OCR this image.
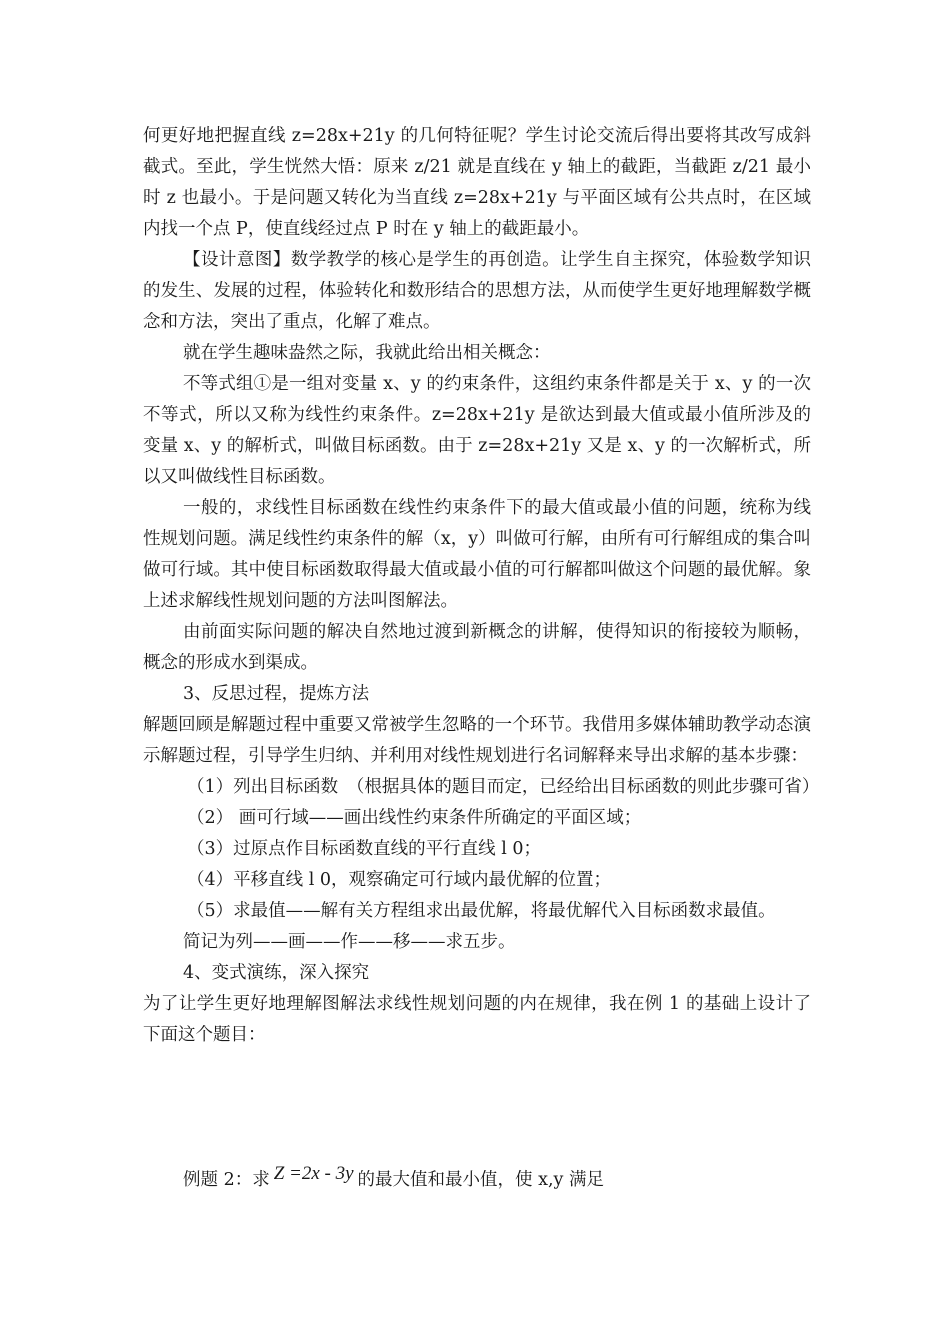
何更好地把握直线 z=28x+21y 的几何特征呢？学生讨论交流后得出要将其改写成斜截式。至此，学生恍然大悟：原来 z/21 就是直线在 y 轴上的截距，当截距 z/21 最小时 z 也最小。于是问题又转化为当直线 z=28x+21y 与平面区域有公共点时，在区域内找一个点 P，使直线经过点 P 时在 y 轴上的截距最小。

【设计意图】数学教学的核心是学生的再创造。让学生自主探究，体验数学知识的发生、发展的过程，体验转化和数形结合的思想方法，从而使学生更好地理解数学概念和方法，突出了重点，化解了难点。

就在学生趣味盎然之际，我就此给出相关概念：

不等式组①是一组对变量 x、y 的约束条件，这组约束条件都是关于 x、y 的一次不等式，所以又称为线性约束条件。z=28x+21y 是欲达到最大值或最小值所涉及的变量 x、y 的解析式，叫做目标函数。由于 z=28x+21y 又是 x、y 的一次解析式，所以又叫做线性目标函数。

一般的，求线性目标函数在线性约束条件下的最大值或最小值的问题，统称为线性规划问题。满足线性约束条件的解（x，y）叫做可行解，由所有可行解组成的集合叫做可行域。其中使目标函数取得最大值或最小值的可行解都叫做这个问题的最优解。象上述求解线性规划问题的方法叫图解法。

由前面实际问题的解决自然地过渡到新概念的讲解，使得知识的衔接较为顺畅，概念的形成水到渠成。

3、反思过程，提炼方法

解题回顾是解题过程中重要又常被学生忽略的一个环节。我借用多媒体辅助教学动态演示解题过程，引导学生归纳、并利用对线性规划进行名词解释来导出求解的基本步骤：

（1）列出目标函数　（根据具体的题目而定，已经给出目标函数的则此步骤可省）

（2） 画可行域——画出线性约束条件所确定的平面区域；

（3）过原点作目标函数直线的平行直线 l 0；

（4）平移直线 l 0，观察确定可行域内最优解的位置；

（5）求最值——解有关方程组求出最优解，将最优解代入目标函数求最值。

简记为列——画——作——移——求五步。

4、变式演练，深入探究

为了让学生更好地理解图解法求线性规划问题的内在规律，我在例 1 的基础上设计了下面这个题目：

例题 2：求 Z =2x - 3y 的最大值和最小值，使 x,y 满足
